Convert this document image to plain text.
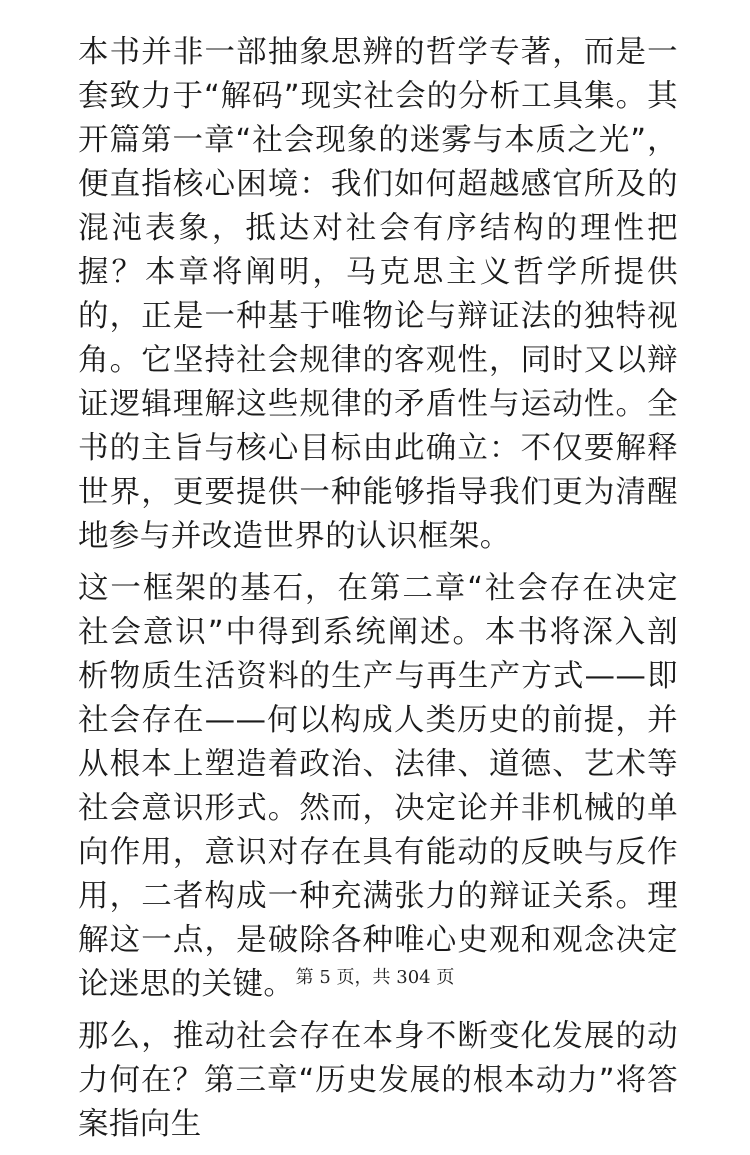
本书并非一部抽象思辨的哲学专著，而是一套致力于“解码”现实社会的分析工具集。其开篇第一章“社会现象的迷雾与本质之光”，便直指核心困境：我们如何超越感官所及的混沌表象，抵达对社会有序结构的理性把握？本章将阐明，马克思主义哲学所提供的，正是一种基于唯物论与辩证法的独特视角。它坚持社会规律的客观性，同时又以辩证逻辑理解这些规律的矛盾性与运动性。全书的主旨与核心目标由此确立：不仅要解释世界，更要提供一种能够指导我们更为清醒地参与并改造世界的认识框架。

这一框架的基石，在第二章“社会存在决定社会意识”中得到系统阐述。本书将深入剖析物质生活资料的生产与再生产方式——即社会存在——何以构成人类历史的前提，并从根本上塑造着政治、法律、道德、艺术等社会意识形式。然而，决定论并非机械的单向作用，意识对存在具有能动的反映与反作用，二者构成一种充满张力的辩证关系。理解这一点，是破除各种唯心史观和观念决定论迷思的关键。

那么，推动社会存在本身不断变化发展的动力何在？第三章“历史发展的根本动力”将答案指向生

第 5 页，共 304 页
